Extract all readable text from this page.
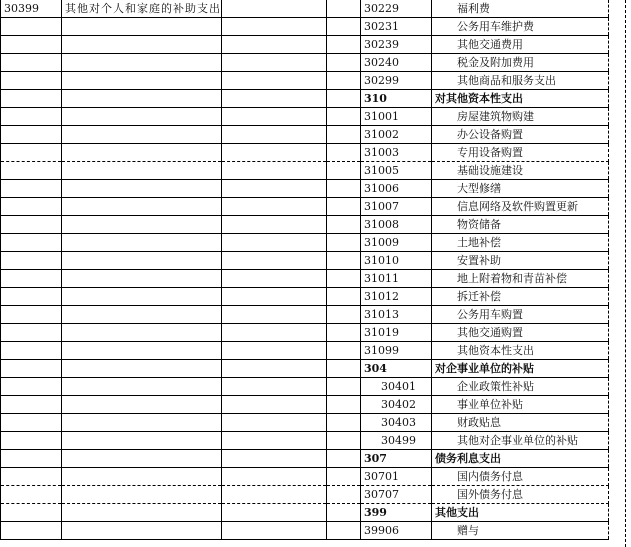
30399	其他对个人和家庭的补助支出			30229	福利费
				30231	公务用车维护费
				30239	其他交通费用
				30240	税金及附加费用
				30299	其他商品和服务支出
				310	对其他资本性支出
				31001	房屋建筑物购建
				31002	办公设备购置
				31003	专用设备购置
				31005	基础设施建设
				31006	大型修缮
				31007	信息网络及软件购置更新
				31008	物资储备
				31009	土地补偿
				31010	安置补助
				31011	地上附着物和青苗补偿
				31012	拆迁补偿
				31013	公务用车购置
				31019	其他交通购置
				31099	其他资本性支出
				304	对企事业单位的补贴
				30401	企业政策性补贴
				30402	事业单位补贴
				30403	财政贴息
				30499	其他对企事业单位的补贴
				307	债务利息支出
				30701	国内债务付息
				30707	国外债务付息
				399	其他支出
				39906	赠与
